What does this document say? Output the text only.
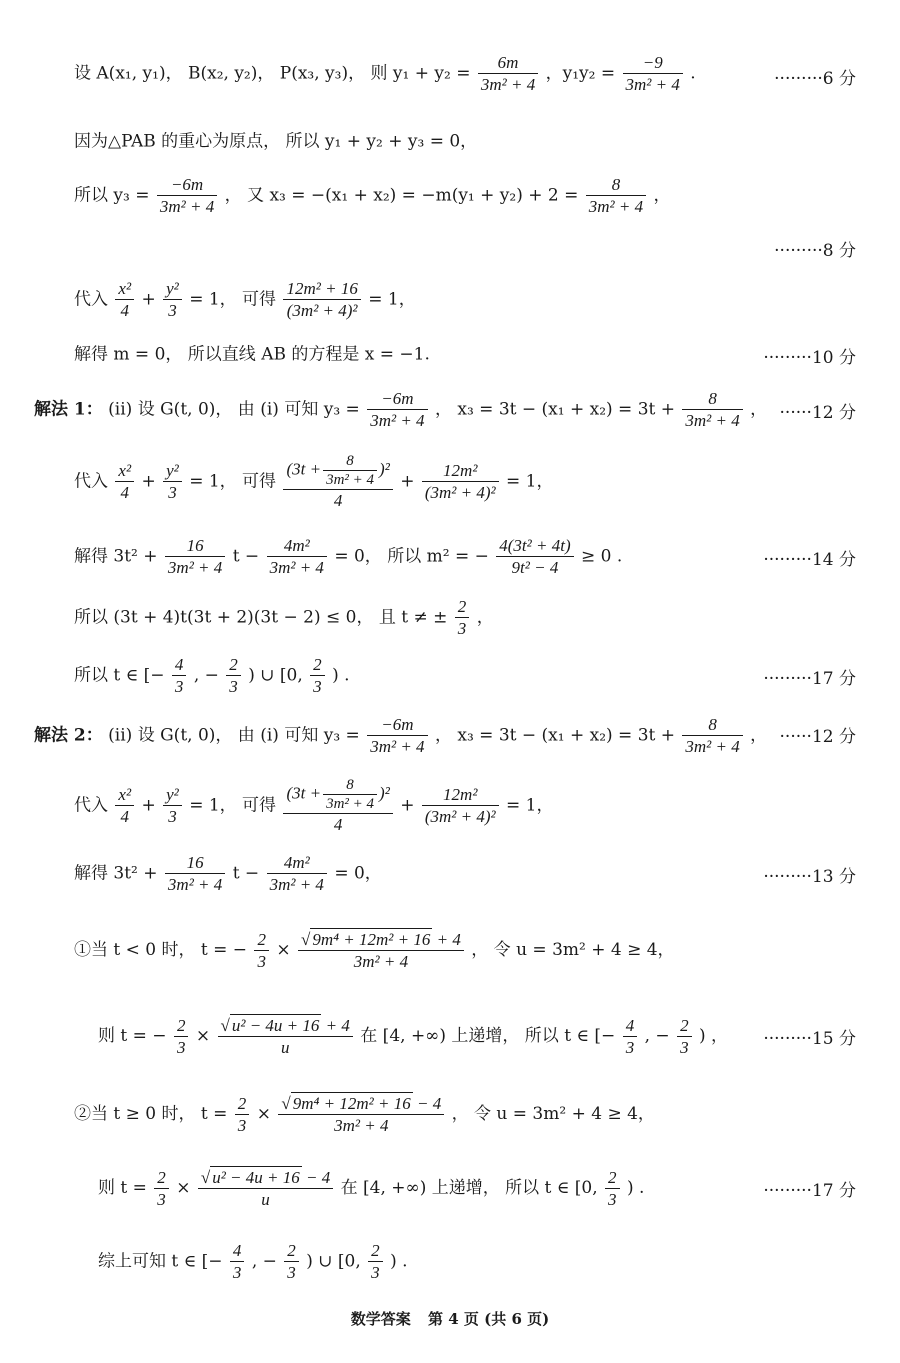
设 A(x₁, y₁)， B(x₂, y₂)， P(x₃, y₃)， 则 $y_1 + y_2 = \frac{6m}{\text{3m² + 4}}$ ，$y_1y_2 = \frac{-9}{\text{3m² + 4}}$ .	·········6 分
因为△PAB 的重心为原点， 所以 y₁ + y₂ + y₃ = 0，
所以 $y_3 = \frac{-6m}{\text{3m² + 4}}$ ， 又 $x_3 = -(x_1 + x_2) = -m(y_1 + y_2) + 2 = \frac{8}{\text{3m² + 4}}$ ，
·········8 分
代入 $\frac{\text{x²}}{4} + \frac{\text{y²}}{3} = 1$， 可得 $\frac{\text{12m² + 16}}{\text{(3m² + 4)²}} = 1$，
解得 m = 0， 所以直线 AB 的方程是 x = −1.	·········10 分
解法 1： (ii) 设 G(t, 0)， 由 (i) 可知 $y_3 = \frac{-6m}{\text{3m² + 4}}$ ， $x_3 = 3t - (x_1 + x_2) = 3t + \frac{8}{\text{3m² + 4}}$ ， ······12 分
代入 $\frac{\text{x²}}{4} + \frac{\text{y²}}{3} = 1$， 可得 $\frac{(3t + \frac{8}{\text{3m² + 4}} )^2}{4} + \frac{\text{12m²}}{\text{(3m² + 4)²}} = 1$，
解得 $3t^2 + \frac{16}{\text{3m² + 4}}$ $t - \frac{\text{4m²}}{\text{3m² + 4}} = 0$， 所以 m² = − $\frac{\text{4(3t² + 4t)}}{\text{9t² − 4}} \ge 0$ .	·········14 分
所以 (3t + 4)t(3t + 2)(3t − 2) ≤ 0， 且 t ≠ ± $\frac{2}{3}$ ，
所以 t ∈ [− $\frac{4}{3}$ , − $\frac{2}{3}$ ) ∪ [0, $\frac{2}{3}$ ) .	·········17 分
解法 2： (ii) 设 G(t, 0)， 由 (i) 可知 $y_3 = \frac{-6m}{\text{3m² + 4}}$ ， $x_3 = 3t - (x_1 + x_2) = 3t + \frac{8}{\text{3m² + 4}}$ ， ······12 分
代入 $\frac{\text{x²}}{4} + \frac{\text{y²}}{3} = 1$， 可得 $\frac{(3t + \frac{8}{\text{3m² + 4}} )^2}{4} + \frac{\text{12m²}}{\text{(3m² + 4)²}} = 1$，
解得 $3t^2 + \frac{16}{\text{3m² + 4}}$ $t - \frac{\text{4m²}}{\text{3m² + 4}} = 0$，	·········13 分
①当 t < 0 时， t = − $\frac{2}{3} \times \frac{\text{√ 9m⁴ + 12m² + 16 + 4}}{\text{3m² + 4}}$ ， 令 u = 3m² + 4 ≥ 4，
则 t = − $\frac{2}{3} \times \frac{\text{√ u² − 4u + 16 + 4}}{u}$ 在 [4, +∞) 上递增， 所以 t ∈ [− $\frac{4}{3}$ , − $\frac{2}{3}$ ) ， ·········15 分
②当 t ≥ 0 时， $t = \frac{2}{3} \times \frac{\text{√ 9m⁴ + 12m² + 16 − 4}}{\text{3m² + 4}}$ ， 令 u = 3m² + 4 ≥ 4，
则 $t = \frac{2}{3} \times \frac{\text{√ u² − 4u + 16 − 4}}{u}$ 在 [4, +∞) 上递增， 所以 t ∈ [0, $\frac{2}{3}$ ) .	·········17 分
综上可知 t ∈ [− $\frac{4}{3}$ , − $\frac{2}{3}$ ) ∪ [0, $\frac{2}{3}$ ) .
数学答案 第 4 页 (共 6 页)
